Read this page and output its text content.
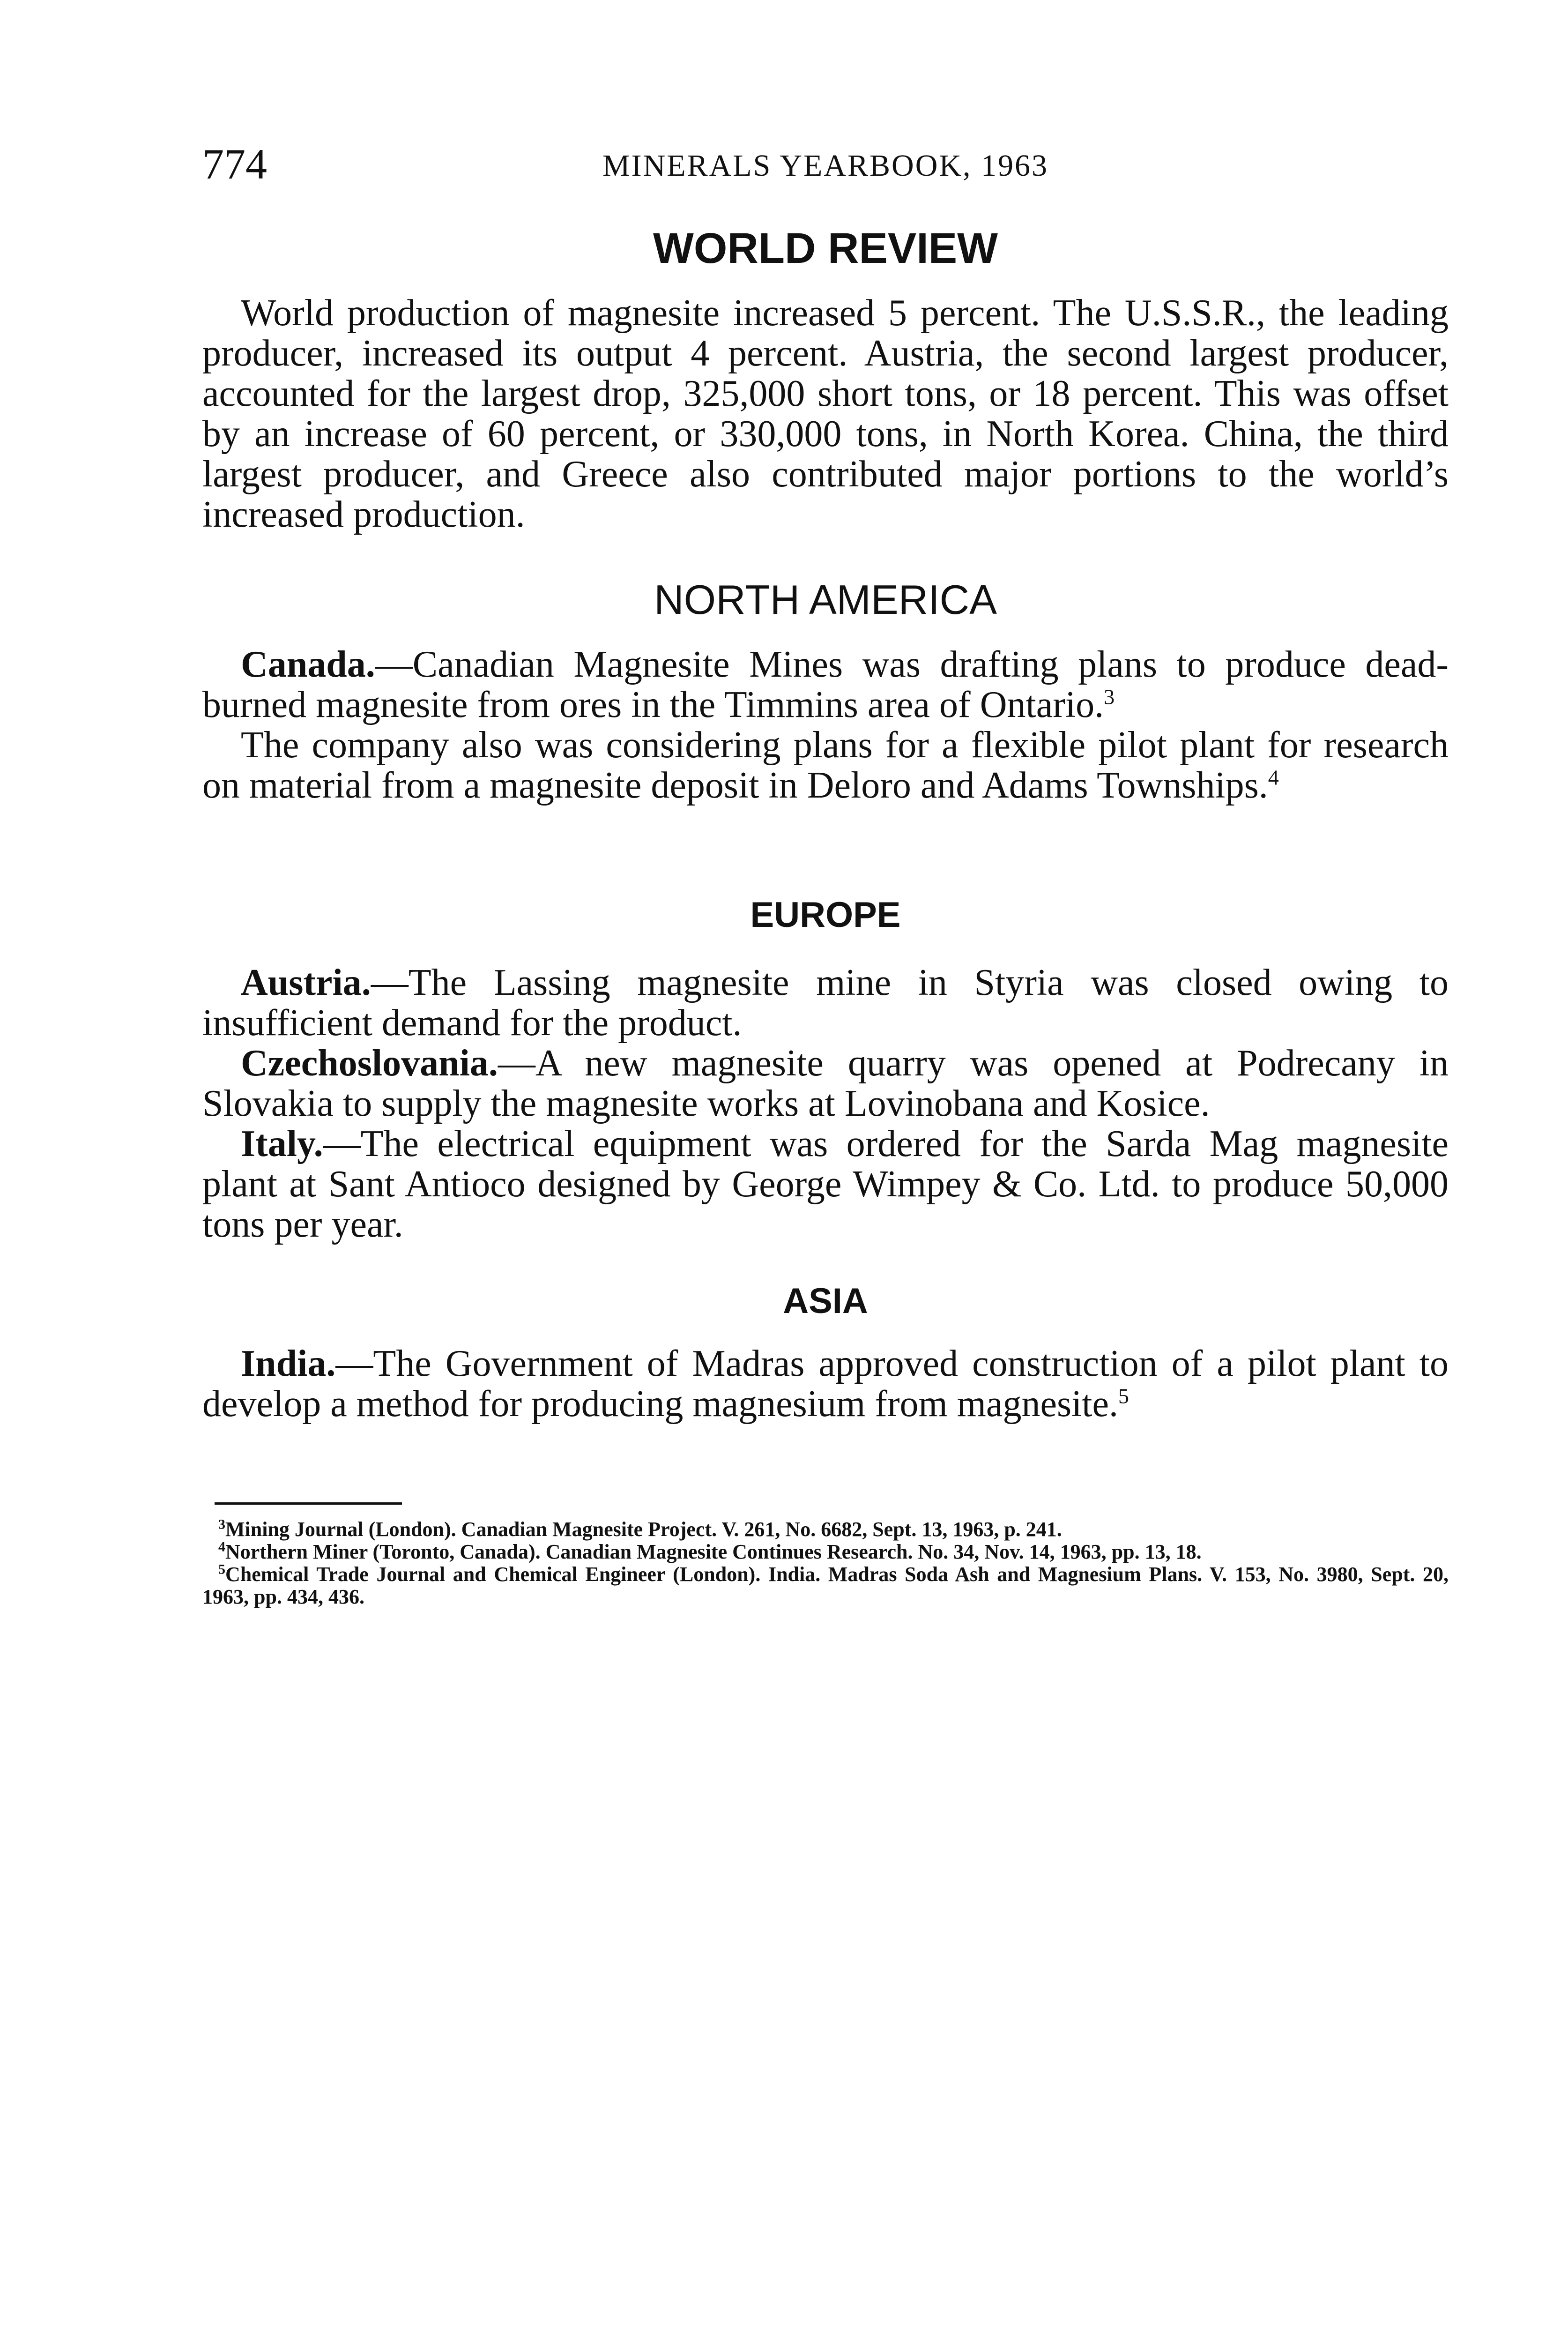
774	MINERALS YEARBOOK, 1963
WORLD REVIEW

World production of magnesite increased 5 percent. The U.S.S.R., the leading producer, increased its output 4 percent. Austria, the second largest producer, accounted for the largest drop, 325,000 short tons, or 18 percent. This was offset by an increase of 60 percent, or 330,000 tons, in North Korea. China, the third largest producer, and Greece also contributed major portions to the world’s increased production.

NORTH AMERICA

Canada.—Canadian Magnesite Mines was drafting plans to produce dead-burned magnesite from ores in the Timmins area of Ontario.$^3$

The company also was considering plans for a flexible pilot plant for research on material from a magnesite deposit in Deloro and Adams Townships.$^4$

EUROPE

Austria.—The Lassing magnesite mine in Styria was closed owing to insufficient demand for the product.

Czechoslovania.—A new magnesite quarry was opened at Podrecany in Slovakia to supply the magnesite works at Lovinobana and Kosice.

Italy.—The electrical equipment was ordered for the Sarda Mag magnesite plant at Sant Antioco designed by George Wimpey & Co. Ltd. to produce 50,000 tons per year.

ASIA

India.—The Government of Madras approved construction of a pilot plant to develop a method for producing magnesium from magnesite.$^5$

$^3$Mining Journal (London). Canadian Magnesite Project. V. 261, No. 6682, Sept. 13, 1963, p. 241.

$^4$Northern Miner (Toronto, Canada). Canadian Magnesite Continues Research. No. 34, Nov. 14, 1963, pp. 13, 18.

$^5$Chemical Trade Journal and Chemical Engineer (London). India. Madras Soda Ash and Magnesium Plans. V. 153, No. 3980, Sept. 20, 1963, pp. 434, 436.
